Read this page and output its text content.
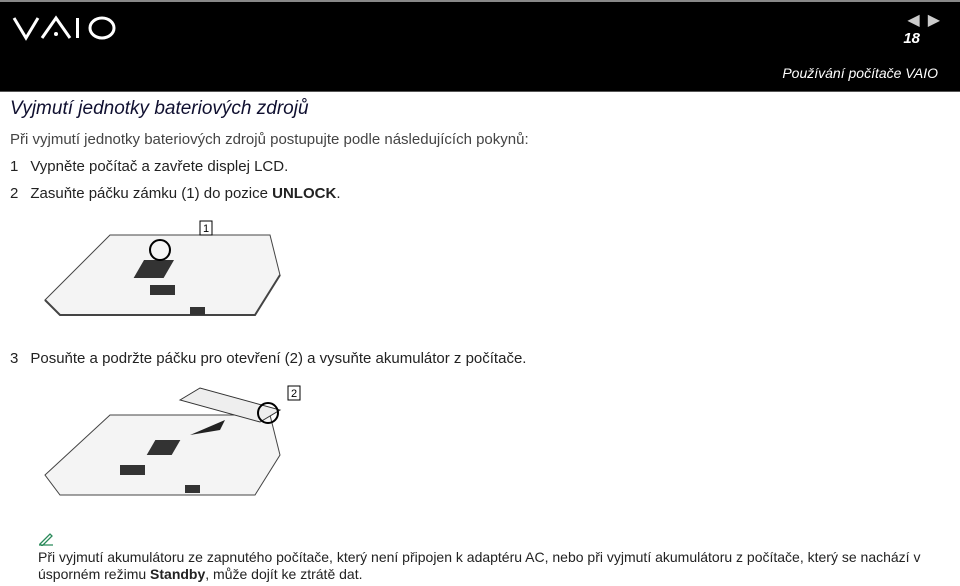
◀ ▶
18
Používání počítače VAIO
Vyjmutí jednotky bateriových zdrojů
Při vyjmutí jednotky bateriových zdrojů postupujte podle následujících pokynů:
1 Vypněte počítač a zavřete displej LCD.
2 Zasuňte páčku zámku (1) do pozice UNLOCK.
1
3 Posuňte a podržte páčku pro otevření (2) a vysuňte akumulátor z počítače.
2
Při vyjmutí akumulátoru ze zapnutého počítače, který není připojen k adaptéru AC, nebo při vyjmutí akumulátoru z počítače, který se nachází v úsporném režimu Standby, může dojít ke ztrátě dat.
